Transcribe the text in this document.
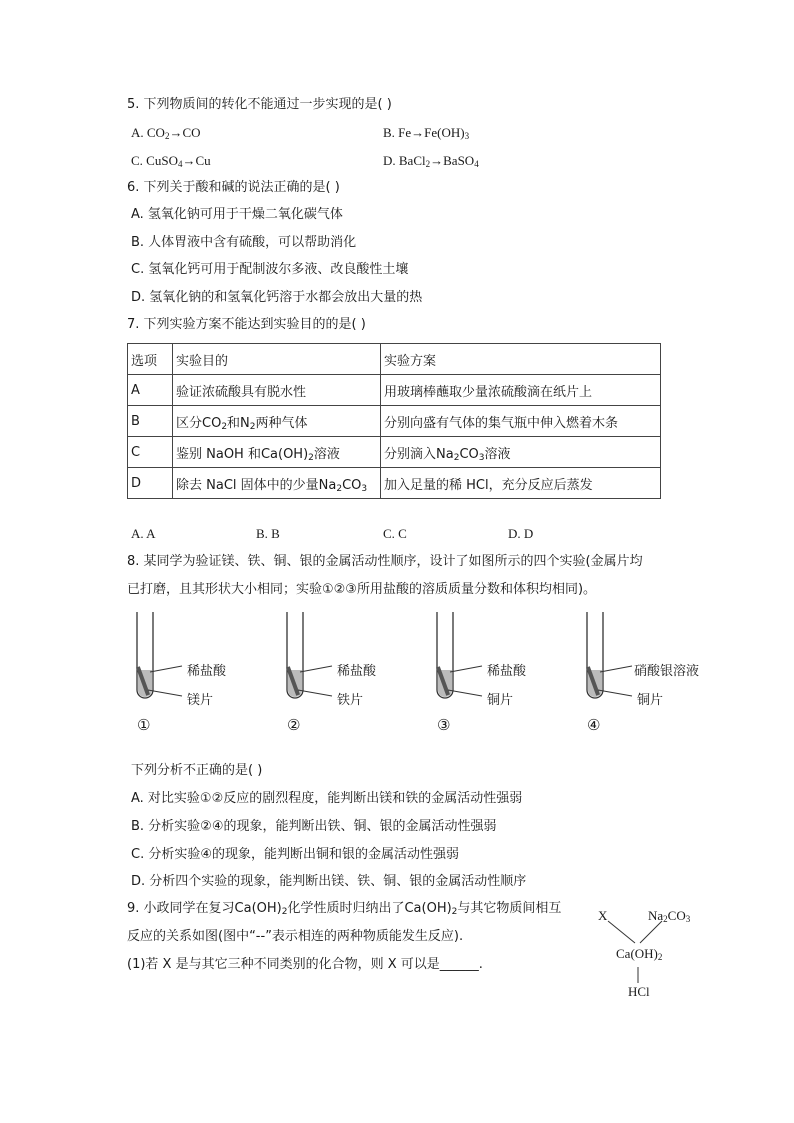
5. 下列物质间的转化不能通过一步实现的是( )
A. $CO_2\to CO$	B. $Fe\to Fe(OH)_3$
C. CuSO$_4$→Cu	D. BaCl$_2$→BaSO$_4$
6. 下列关于酸和碱的说法正确的是( )
A. 氢氧化钠可用于干燥二氧化碳气体
B. 人体胃液中含有硫酸，可以帮助消化
C. 氢氧化钙可用于配制波尔多液、改良酸性土壤
D. 氢氧化钠的和氢氧化钙溶于水都会放出大量的热
7. 下列实验方案不能达到实验目的的是( )
选项	实验目的	实验方案
A	验证浓硫酸具有脱水性	用玻璃棒蘸取少量浓硫酸滴在纸片上
B	区分$CO_2$和$N_2$两种气体	分别向盛有气体的集气瓶中伸入燃着木条
C	鉴别 NaOH 和$Ca(OH)_2$溶液	分别滴入$Na_2CO_3$溶液
D	除去 NaCl 固体中的少量$Na_2CO_3$	加入足量的稀 HCl，充分反应后蒸发
A. A	B. B	C. C	D. D
8. 某同学为验证镁、铁、铜、银的金属活动性顺序，设计了如图所示的四个实验(金属片均
已打磨，且其形状大小相同；实验①②③所用盐酸的溶质质量分数和体积均相同)。
稀盐酸
镁片
稀盐酸
铁片
稀盐酸
铜片
硝酸银溶液
铜片
①	②	③	④
下列分析不正确的是( )
A. 对比实验①②反应的剧烈程度，能判断出镁和铁的金属活动性强弱
B. 分析实验②④的现象，能判断出铁、铜、银的金属活动性强弱
C. 分析实验④的现象，能判断出铜和银的金属活动性强弱
D. 分析四个实验的现象，能判断出镁、铁、铜、银的金属活动性顺序
9. 小政同学在复习$Ca(OH)_2$化学性质时归纳出了$Ca(OH)_2$与其它物质间相互
反应的关系如图(图中“--”表示相连的两种物质能发生反应).
(1)若 X 是与其它三种不同类别的化合物，则 X 可以是______.
X	$Na_2CO_3$
$Ca(OH)_2$
HCl
